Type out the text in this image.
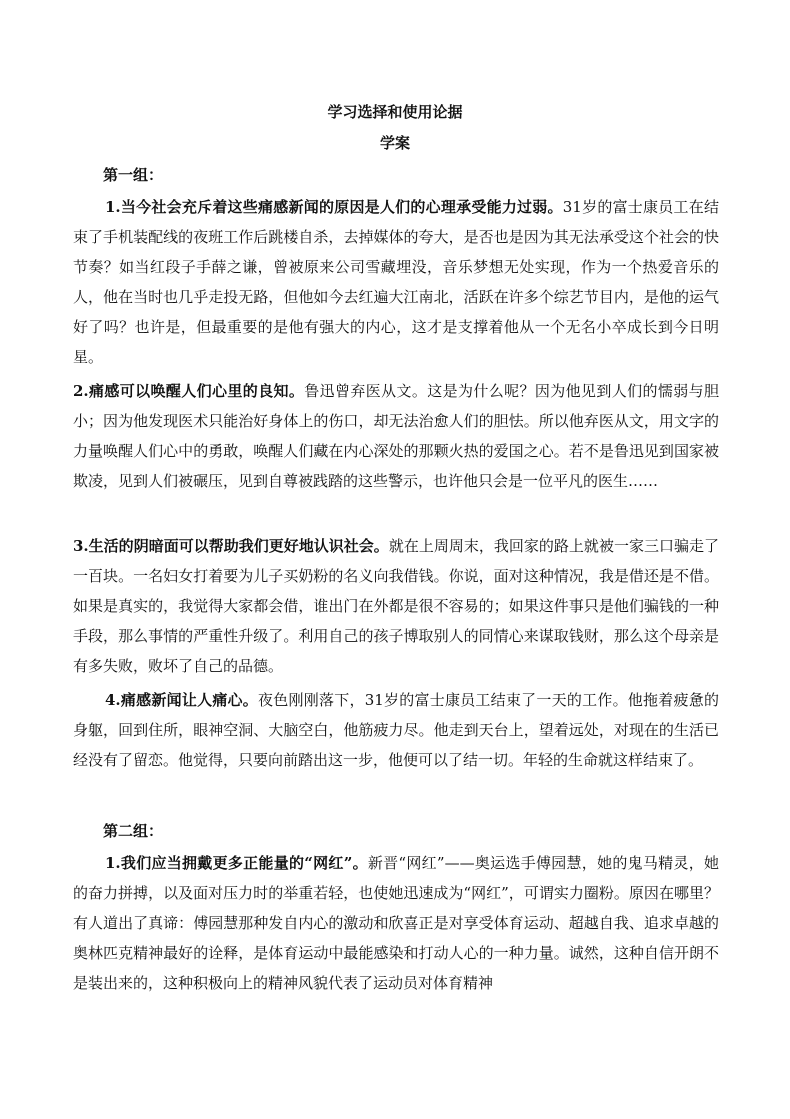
学习选择和使用论据
学案
第一组：

1.当今社会充斥着这些痛感新闻的原因是人们的心理承受能力过弱。31岁的富士康员工在结束了手机装配线的夜班工作后跳楼自杀，去掉媒体的夸大，是否也是因为其无法承受这个社会的快节奏？如当红段子手薛之谦，曾被原来公司雪藏埋没，音乐梦想无处实现，作为一个热爱音乐的人，他在当时也几乎走投无路，但他如今去红遍大江南北，活跃在许多个综艺节目内，是他的运气好了吗？也许是，但最重要的是他有强大的内心，这才是支撑着他从一个无名小卒成长到今日明星。

2.痛感可以唤醒人们心里的良知。鲁迅曾弃医从文。这是为什么呢？因为他见到人们的懦弱与胆小；因为他发现医术只能治好身体上的伤口，却无法治愈人们的胆怯。所以他弃医从文，用文字的力量唤醒人们心中的勇敢，唤醒人们藏在内心深处的那颗火热的爱国之心。若不是鲁迅见到国家被欺凌，见到人们被碾压，见到自尊被践踏的这些警示，也许他只会是一位平凡的医生……

3.生活的阴暗面可以帮助我们更好地认识社会。就在上周周末，我回家的路上就被一家三口骗走了一百块。一名妇女打着要为儿子买奶粉的名义向我借钱。你说，面对这种情况，我是借还是不借。如果是真实的，我觉得大家都会借，谁出门在外都是很不容易的；如果这件事只是他们骗钱的一种手段，那么事情的严重性升级了。利用自己的孩子博取别人的同情心来谋取钱财，那么这个母亲是有多失败，败坏了自己的品德。

4.痛感新闻让人痛心。夜色刚刚落下，31岁的富士康员工结束了一天的工作。他拖着疲惫的身躯，回到住所，眼神空洞、大脑空白，他筋疲力尽。他走到天台上，望着远处，对现在的生活已经没有了留恋。他觉得，只要向前踏出这一步，他便可以了结一切。年轻的生命就这样结束了。

第二组：

1.我们应当拥戴更多正能量的“网红”。新晋“网红”——奥运选手傅园慧，她的鬼马精灵，她的奋力拼搏，以及面对压力时的举重若轻，也使她迅速成为“网红”，可谓实力圈粉。原因在哪里？有人道出了真谛：傅园慧那种发自内心的激动和欣喜正是对享受体育运动、超越自我、追求卓越的奥林匹克精神最好的诠释，是体育运动中最能感染和打动人心的一种力量。诚然，这种自信开朗不是装出来的，这种积极向上的精神风貌代表了运动员对体育精神
